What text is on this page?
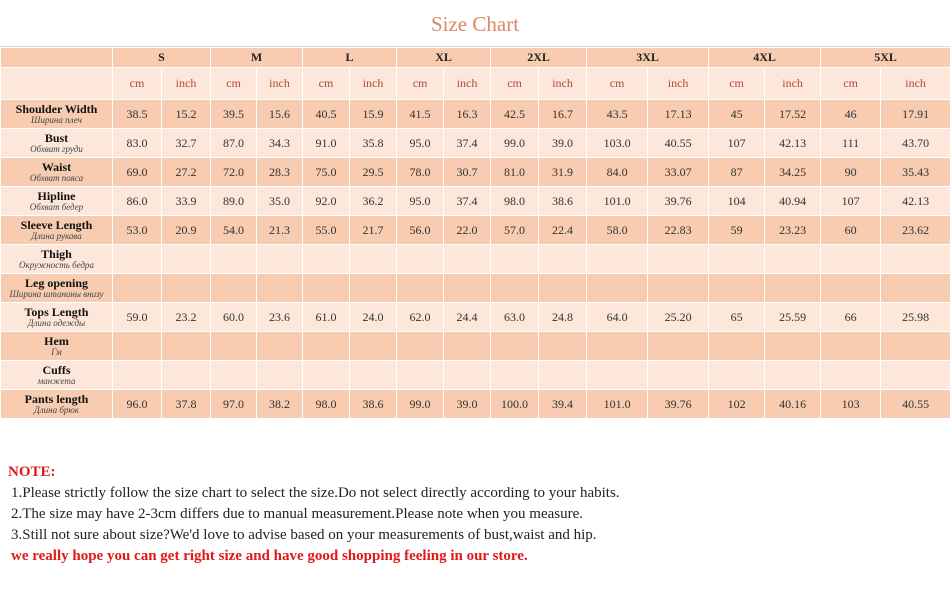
Size Chart
	S		M		L		XL		2XL		3XL		4XL		5XL	
	cm	inch	cm	inch	cm	inch	cm	inch	cm	inch	cm	inch	cm	inch	cm	inch

Shoulder Width
Ширина плеч	38.5	15.2	39.5	15.6	40.5	15.9	41.5	16.3	42.5	16.7	43.5	17.13	45	17.52	46	17.91

Bust
Обхват груди	83.0	32.7	87.0	34.3	91.0	35.8	95.0	37.4	99.0	39.0	103.0	40.55	107	42.13	111	43.70

Waist
Обхват пояса	69.0	27.2	72.0	28.3	75.0	29.5	78.0	30.7	81.0	31.9	84.0	33.07	87	34.25	90	35.43

Hipline
Обхват бедер	86.0	33.9	89.0	35.0	92.0	36.2	95.0	37.4	98.0	38.6	101.0	39.76	104	40.94	107	42.13

Sleeve Length
Длина рукава	53.0	20.9	54.0	21.3	55.0	21.7	56.0	22.0	57.0	22.4	58.0	22.83	59	23.23	60	23.62

Thigh
Окружность бедра																

Leg opening
Ширина штанины внизу																

Tops Length
Длина одежды	59.0	23.2	60.0	23.6	61.0	24.0	62.0	24.4	63.0	24.8	64.0	25.20	65	25.59	66	25.98

Hem
Гм																

Cuffs
манжета																

Pants length
Длина брюк	96.0	37.8	97.0	38.2	98.0	38.6	99.0	39.0	100.0	39.4	101.0	39.76	102	40.16	103	40.55
NOTE:
1.Please strictly follow the size chart to select the size.Do not select directly according to your habits.
2.The size may have 2-3cm differs due to manual measurement.Please note when you measure.
3.Still not sure about size?We'd love to advise based on your measurements of bust,waist and hip.
we really hope you can get right size and have good shopping feeling in our store.
